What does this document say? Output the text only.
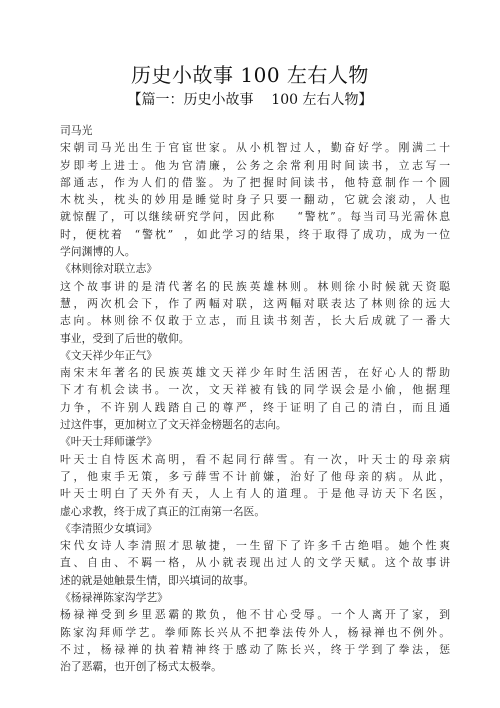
历史小故事 100 左右人物
【篇一：历史小故事    100 左右人物】
司马光
宋朝司马光出生于官宦世家。从小机智过人，勤奋好学。刚满二十
岁即考上进士。他为官清廉，公务之余常利用时间读书，立志写一
部通志，作为人们的借鉴。为了把握时间读书，他特意制作一个圆
木枕头，枕头的妙用是睡觉时身子只要一翻动，它就会滚动，人也
就惊醒了，可以继续研究学问，因此称    “警枕”。每当司马光需休息
时，便枕着  “警枕”  ，如此学习的结果，终于取得了成功，成为一位
学问渊博的人。
《林则徐对联立志》
这个故事讲的是清代著名的民族英雄林则。林则徐小时候就天资聪
慧，两次机会下，作了两幅对联，这两幅对联表达了林则徐的远大
志向。林则徐不仅敢于立志，而且读书刻苦，长大后成就了一番大
事业，受到了后世的敬仰。
《文天祥少年正气》
南宋末年著名的民族英雄文天祥少年时生活困苦，在好心人的帮助
下才有机会读书。一次，文天祥被有钱的同学误会是小偷，他据理
力争，不许别人践踏自己的尊严，终于证明了自己的清白，而且通
过这件事，更加树立了文天祥金榜题名的志向。
《叶天士拜师谦学》
叶天士自恃医术高明，看不起同行薛雪。有一次，叶天士的母亲病
了，他束手无策，多亏薛雪不计前嫌，治好了他母亲的病。从此，
叶天士明白了天外有天，人上有人的道理。于是他寻访天下名医，
虚心求教，终于成了真正的江南第一名医。
《李清照少女填词》
宋代女诗人李清照才思敏捷，一生留下了许多千古绝唱。她个性爽
直、自由、不羁一格，从小就表现出过人的文学天赋。这个故事讲
述的就是她触景生情，即兴填词的故事。
《杨禄禅陈家沟学艺》
杨禄禅受到乡里恶霸的欺负，他不甘心受辱。一个人离开了家，到
陈家沟拜师学艺。拳师陈长兴从不把拳法传外人，杨禄禅也不例外。
不过，杨禄禅的执着精神终于感动了陈长兴，终于学到了拳法，惩
治了恶霸，也开创了杨式太极拳。
